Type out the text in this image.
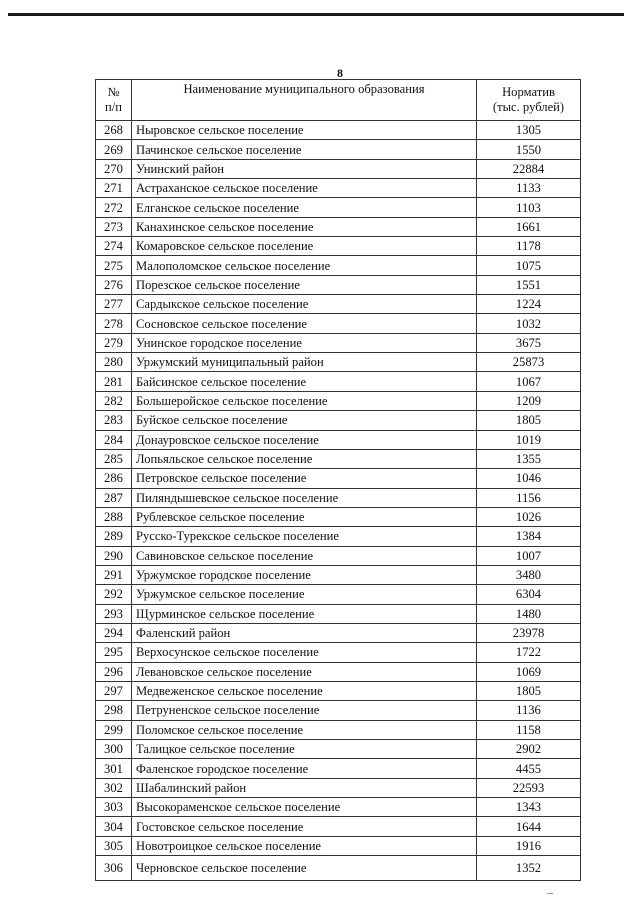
8
№
п/п	Наименование муниципального образования	Норматив
(тыс. рублей)

268	Ныровское сельское поселение	1305
269	Пачинское сельское поселение	1550
270	Унинский район	22884
271	Астраханское сельское поселение	1133
272	Елганское сельское поселение	1103
273	Канахинское сельское поселение	1661
274	Комаровское сельское поселение	1178
275	Малополомское сельское поселение	1075
276	Порезское сельское поселение	1551
277	Сардыкское сельское поселение	1224
278	Сосновское сельское поселение	1032
279	Унинское городское поселение	3675
280	Уржумский муниципальный район	25873
281	Байсинское сельское поселение	1067
282	Большеройское сельское поселение	1209
283	Буйское сельское поселение	1805
284	Донауровское сельское поселение	1019
285	Лопьяльское сельское поселение	1355
286	Петровское сельское поселение	1046
287	Пиляндышевское сельское поселение	1156
288	Рублевское сельское поселение	1026
289	Русско-Турекское сельское поселение	1384
290	Савиновское сельское поселение	1007
291	Уржумское городское поселение	3480
292	Уржумское сельское поселение	6304
293	Щурминское сельское поселение	1480
294	Фаленский район	23978
295	Верхосунское сельское поселение	1722
296	Левановское сельское поселение	1069
297	Медвеженское сельское поселение	1805
298	Петруненское сельское поселение	1136
299	Поломское сельское поселение	1158
300	Талицкое сельское поселение	2902
301	Фаленское городское поселение	4455
302	Шабалинский район	22593
303	Высокораменское сельское поселение	1343
304	Гостовское сельское поселение	1644
305	Новотроицкое сельское поселение	1916
306	Черновское сельское поселение	1352
